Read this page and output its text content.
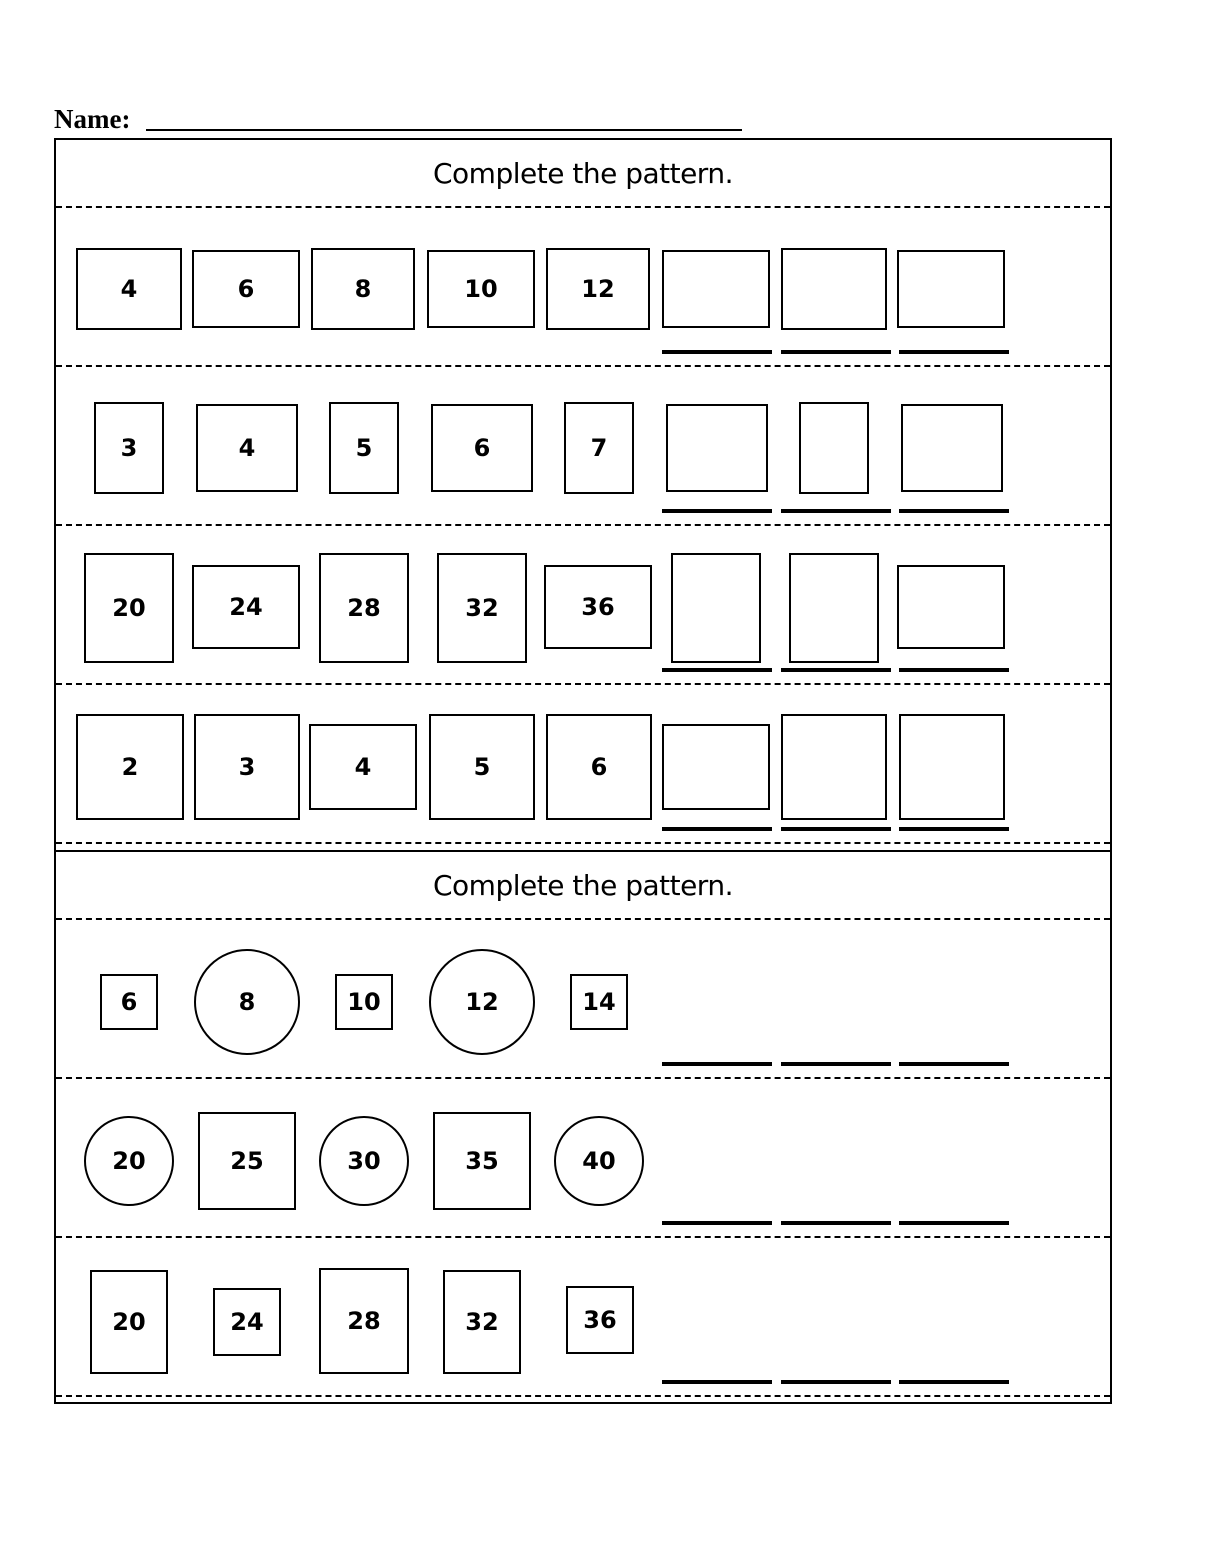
Name:
Complete the pattern.
4	6	8	10	12
3	4	5	6	7
20	24	28	32	36
2	3	4	5	6
Complete the pattern.
6	8	10	12	14
20	25	30	35	40
20	24	28	32	36
